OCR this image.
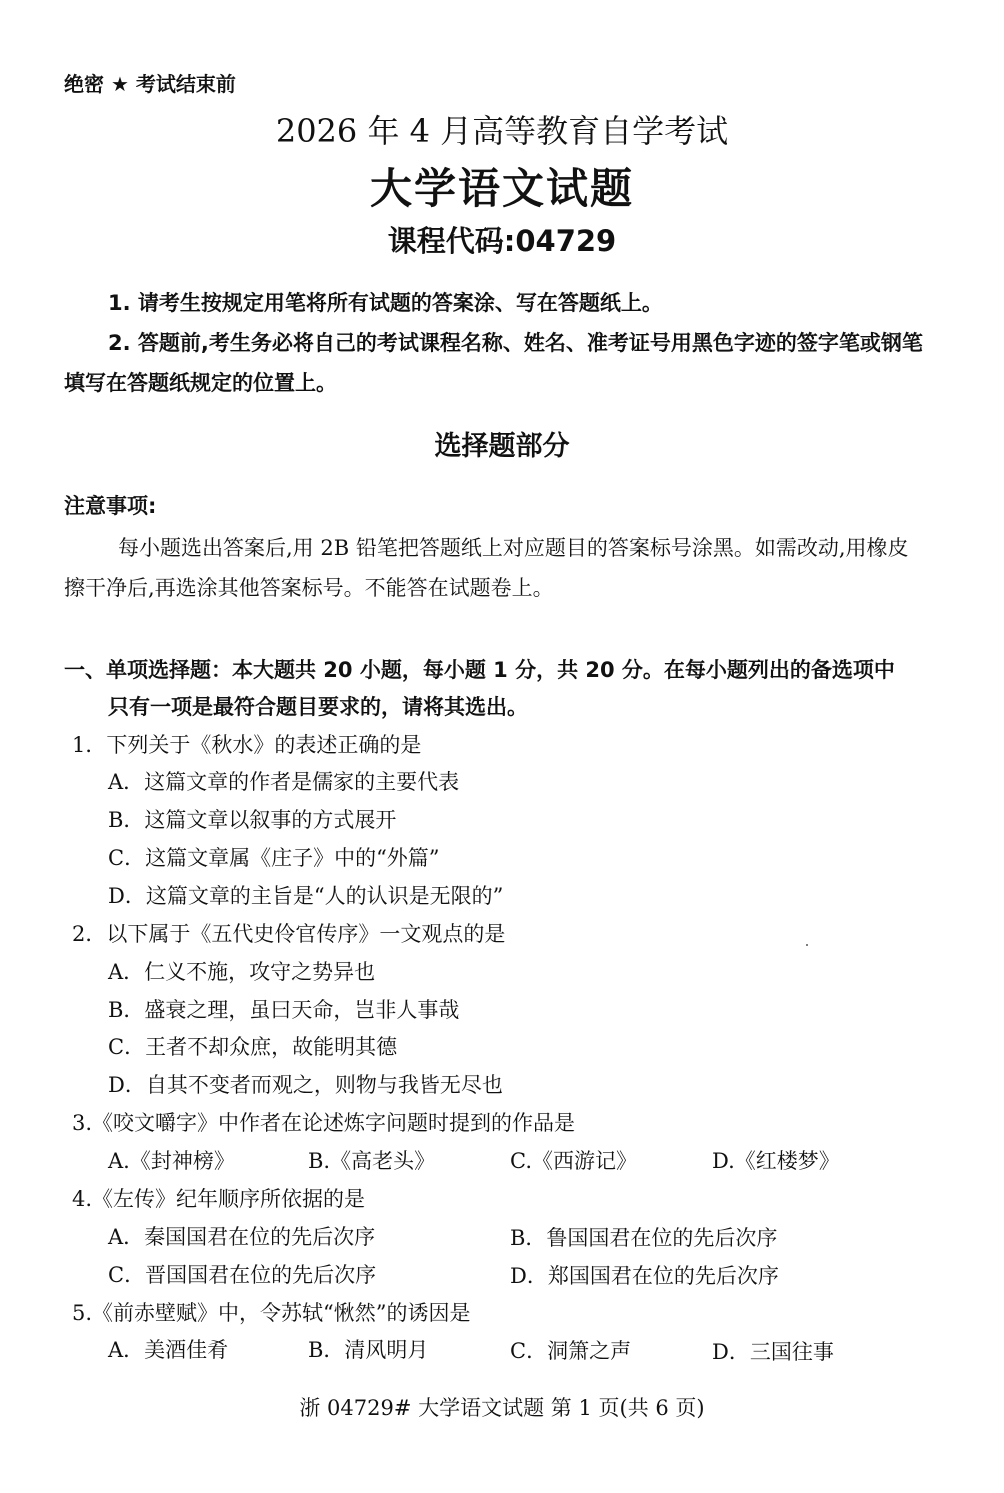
绝密 ★ 考试结束前
2026 年 4 月高等教育自学考试
大学语文试题
课程代码:04729
1. 请考生按规定用笔将所有试题的答案涂、写在答题纸上。
2. 答题前,考生务必将自己的考试课程名称、姓名、准考证号用黑色字迹的签字笔或钢笔
填写在答题纸规定的位置上。
选择题部分
注意事项:
每小题选出答案后,用 2B 铅笔把答题纸上对应题目的答案标号涂黑。如需改动,用橡皮
擦干净后,再选涂其他答案标号。不能答在试题卷上。
一、单项选择题：本大题共 20 小题，每小题 1 分，共 20 分。在每小题列出的备选项中
只有一项是最符合题目要求的，请将其选出。
1．下列关于《秋水》的表述正确的是
A．这篇文章的作者是儒家的主要代表
B．这篇文章以叙事的方式展开
C．这篇文章属《庄子》中的“外篇”
D．这篇文章的主旨是“人的认识是无限的”
2．以下属于《五代史伶官传序》一文观点的是
A．仁义不施，攻守之势异也
B．盛衰之理，虽曰天命，岂非人事哉
C．王者不却众庶，故能明其德
D．自其不变者而观之，则物与我皆无尽也
3.《咬文嚼字》中作者在论述炼字问题时提到的作品是
A.《封神榜》	B.《高老头》	C.《西游记》	D.《红楼梦》
4.《左传》纪年顺序所依据的是
A．秦国国君在位的先后次序	B．鲁国国君在位的先后次序
C．晋国国君在位的先后次序	D．郑国国君在位的先后次序
5.《前赤壁赋》中，令苏轼“愀然”的诱因是
A．美酒佳肴	B．清风明月	C．洞箫之声	D．三国往事
浙 04729# 大学语文试题 第 1 页(共 6 页)
